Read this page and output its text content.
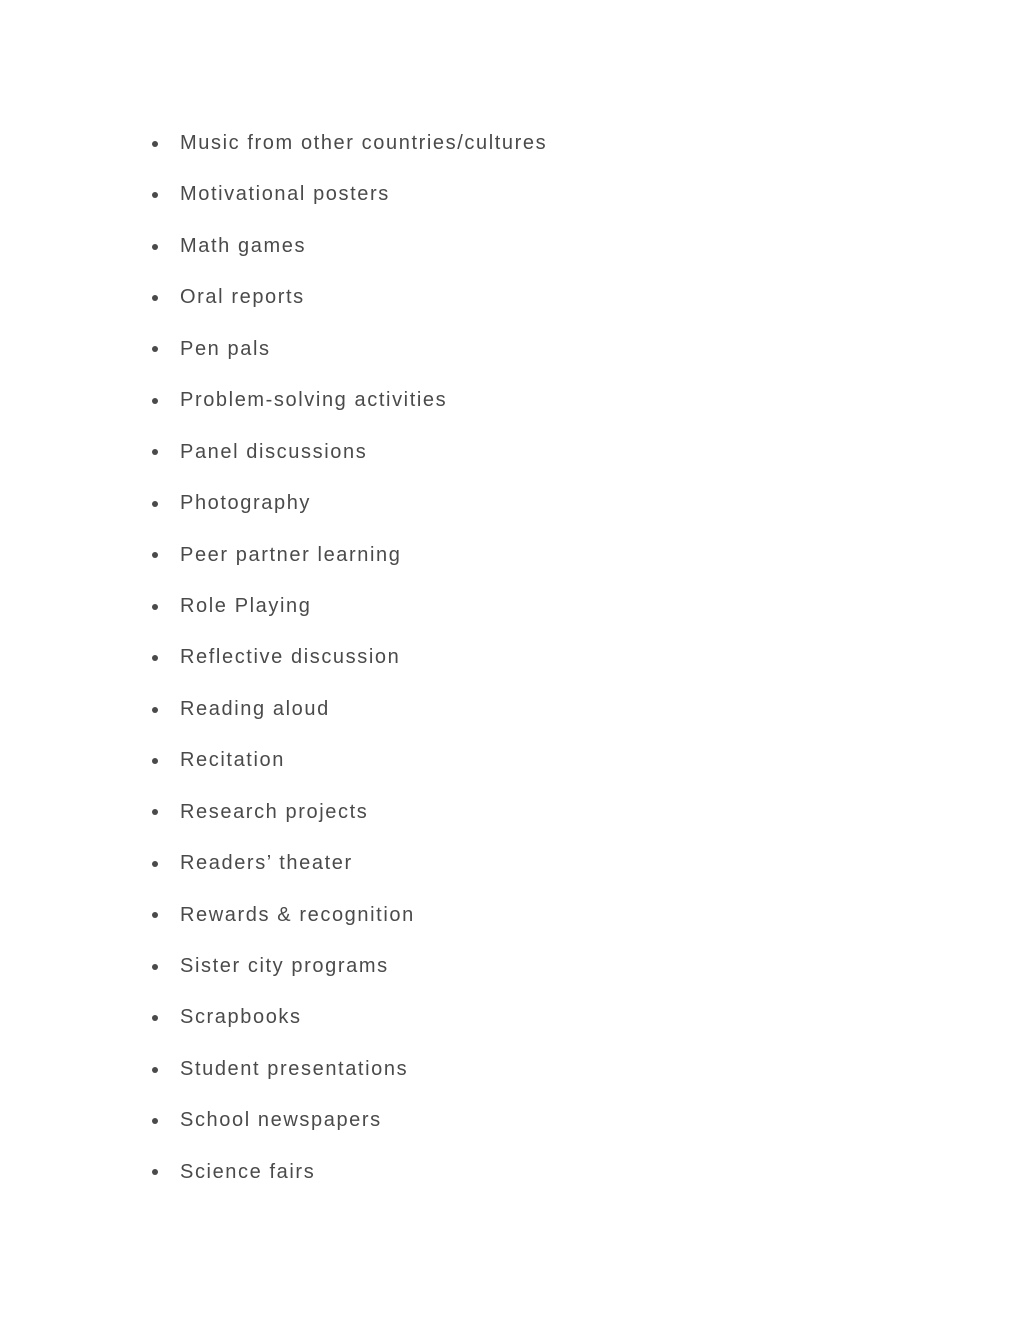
Music from other countries/cultures
Motivational posters
Math games
Oral reports
Pen pals
Problem-solving activities
Panel discussions
Photography
Peer partner learning
Role Playing
Reflective discussion
Reading aloud
Recitation
Research projects
Readers’ theater
Rewards & recognition
Sister city programs
Scrapbooks
Student presentations
School newspapers
Science fairs
